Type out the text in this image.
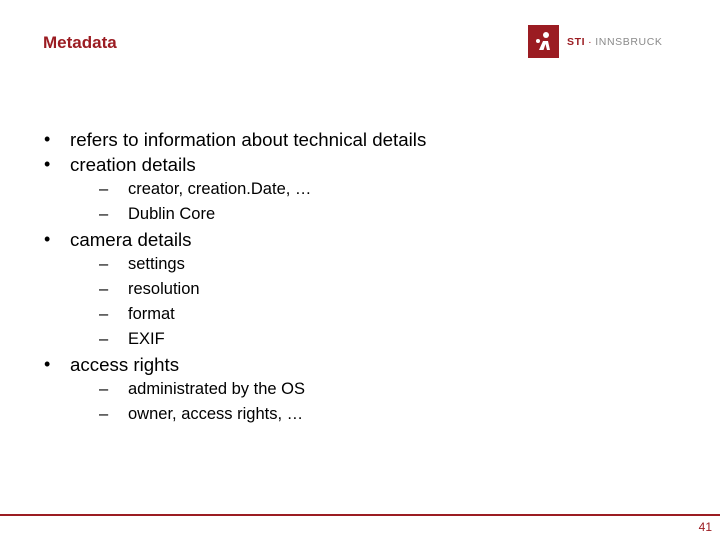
Metadata	STI · INNSBRUCK
• refers to information about technical details
• creation details
– creator, creation.Date, …
– Dublin Core
• camera details
– settings
– resolution
– format
– EXIF
• access rights
– administrated by the OS
– owner, access rights, …
41
